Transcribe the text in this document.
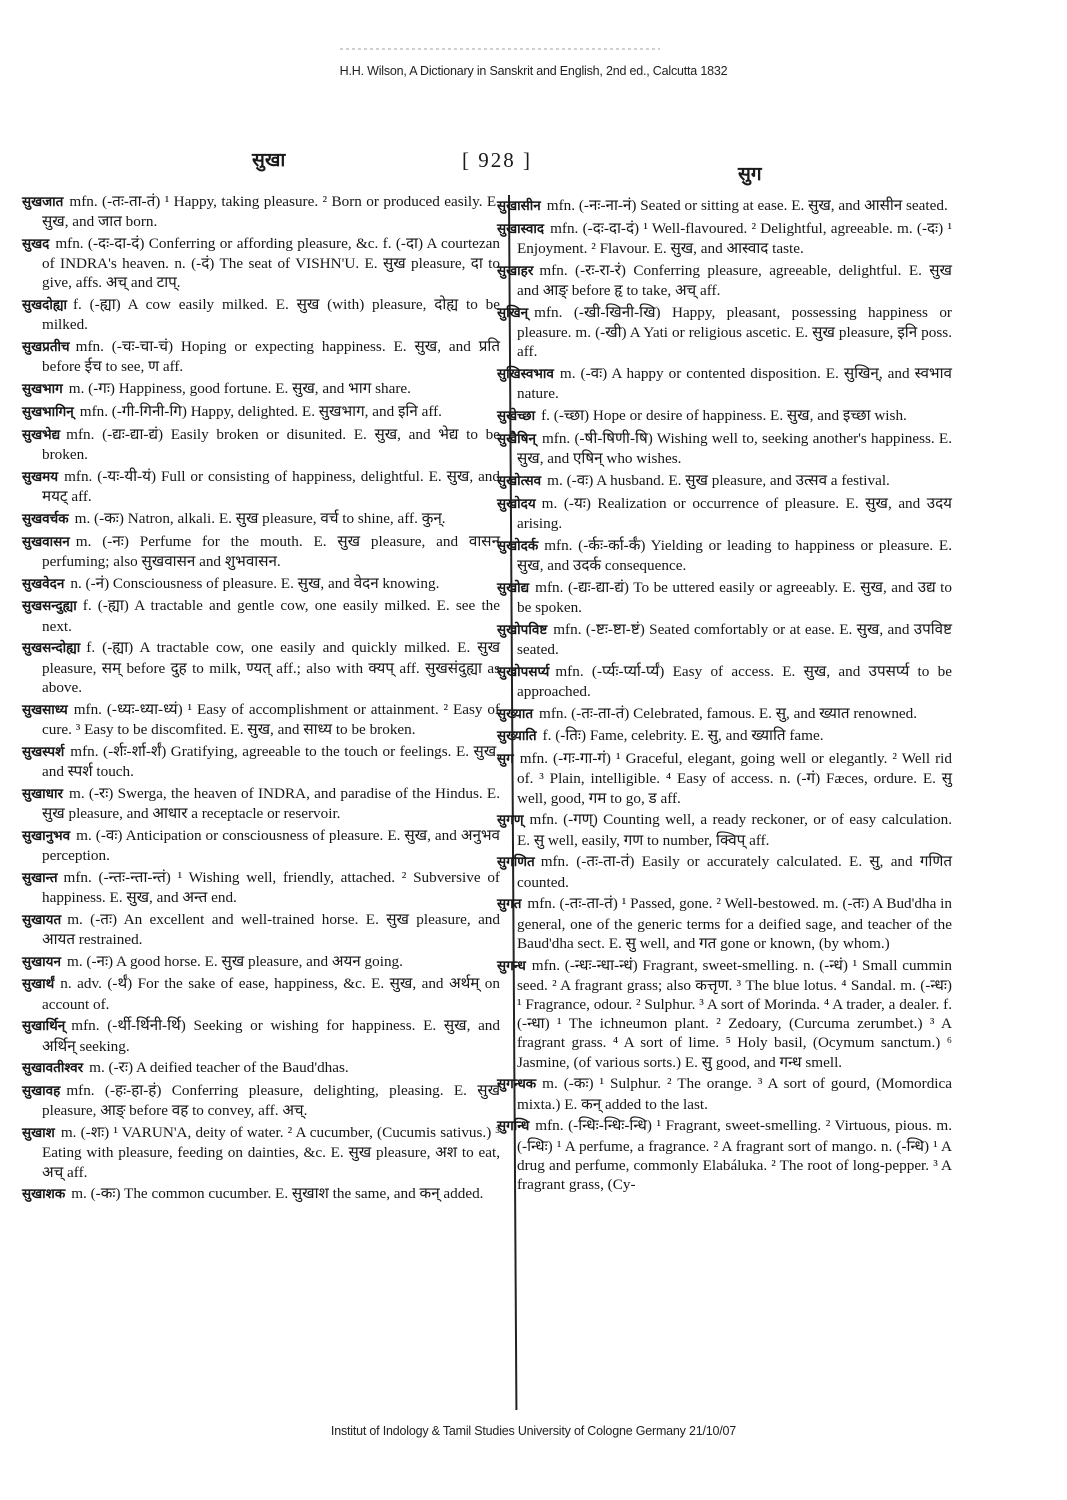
H.H. Wilson, A Dictionary in Sanskrit and English, 2nd ed., Calcutta 1832
सुखा	[ 928 ]
सुग
सुखजात mfn. (-तः-ता-तं) ¹ Happy, taking pleasure. ² Born or produced easily. E. सुख, and जात born.
सुखद mfn. (-दः-दा-दं) Conferring or affording pleasure, &c. f. (-दा) A courtezan of INDRA's heaven. n. (-दं) The seat of VISHN'U. E. सुख pleasure, दा to give, affs. अच् and टाप्.
सुखदोह्या f. (-ह्या) A cow easily milked. E. सुख (with) pleasure, दोह्य to be milked.
सुखप्रतीच mfn. (-चः-चा-चं) Hoping or expecting happiness. E. सुख, and प्रति before ईच to see, ण aff.
सुखभाग m. (-गः) Happiness, good fortune. E. सुख, and भाग share.
सुखभागिन् mfn. (-गी-गिनी-गि) Happy, delighted. E. सुखभाग, and इनि aff.
सुखभेद्य mfn. (-द्यः-द्या-द्यं) Easily broken or disunited. E. सुख, and भेद्य to be broken.
सुखमय mfn. (-यः-यी-यं) Full or consisting of happiness, delightful. E. सुख, and मयट् aff.
सुखवर्चक m. (-कः) Natron, alkali. E. सुख pleasure, वर्च to shine, aff. कुन्.
सुखवासन m. (-नः) Perfume for the mouth. E. सुख pleasure, and वासन perfuming; also सुखवासन and शुभवासन.
सुखवेदन n. (-नं) Consciousness of pleasure. E. सुख, and वेदन knowing.
सुखसन्दुह्या f. (-ह्या) A tractable and gentle cow, one easily milked. E. see the next.
सुखसन्दोह्या f. (-ह्या) A tractable cow, one easily and quickly milked. E. सुख pleasure, सम् before दुह to milk, ण्यत् aff.; also with क्यप् aff. सुखसंदुह्या as above.
सुखसाध्य mfn. (-ध्यः-ध्या-ध्यं) ¹ Easy of accomplishment or attainment. ² Easy of cure. ³ Easy to be discomfited. E. सुख, and साध्य to be broken.
सुखस्पर्श mfn. (-र्शः-र्शा-र्शं) Gratifying, agreeable to the touch or feelings. E. सुख, and स्पर्श touch.
सुखाधार m. (-रः) Swerga, the heaven of INDRA, and paradise of the Hindus. E. सुख pleasure, and आधार a receptacle or reservoir.
सुखानुभव m. (-वः) Anticipation or consciousness of pleasure. E. सुख, and अनुभव perception.
सुखान्त mfn. (-न्तः-न्ता-न्तं) ¹ Wishing well, friendly, attached. ² Subversive of happiness. E. सुख, and अन्त end.
सुखायत m. (-तः) An excellent and well-trained horse. E. सुख pleasure, and आयत restrained.
सुखायन m. (-नः) A good horse. E. सुख pleasure, and अयन going.
सुखार्थं n. adv. (-र्थं) For the sake of ease, happiness, &c. E. सुख, and अर्थम् on account of.
सुखार्थिन् mfn. (-र्थी-र्थिनी-र्थि) Seeking or wishing for happiness. E. सुख, and अर्थिन् seeking.
सुखावतीश्वर m. (-रः) A deified teacher of the Baud'dhas.
सुखावह mfn. (-हः-हा-हं) Conferring pleasure, delighting, pleasing. E. सुख pleasure, आङ् before वह to convey, aff. अच्.
सुखाश m. (-शः) ¹ VARUN'A, deity of water. ² A cucumber, (Cucumis sativus.) ³ Eating with pleasure, feeding on dainties, &c. E. सुख pleasure, अश to eat, अच् aff.
सुखाशक m. (-कः) The common cucumber. E. सुखाश the same, and कन् added.
सुखासीन mfn. (-नः-ना-नं) Seated or sitting at ease. E. सुख, and आसीन seated.
सुखास्वाद mfn. (-दः-दा-दं) ¹ Well-flavoured. ² Delightful, agreeable. m. (-दः) ¹ Enjoyment. ² Flavour. E. सुख, and आस्वाद taste.
सुखाहर mfn. (-रः-रा-रं) Conferring pleasure, agreeable, delightful. E. सुख and आङ् before हृ to take, अच् aff.
सुखिन् mfn. (-खी-खिनी-खि) Happy, pleasant, possessing happiness or pleasure. m. (-खी) A Yati or religious ascetic. E. सुख pleasure, इनि poss. aff.
सुखिस्वभाव m. (-वः) A happy or contented disposition. E. सुखिन्, and स्वभाव nature.
सुखेच्छा f. (-च्छा) Hope or desire of happiness. E. सुख, and इच्छा wish.
सुखैषिन् mfn. (-षी-षिणी-षि) Wishing well to, seeking another's happiness. E. सुख, and एषिन् who wishes.
सुखोत्सव m. (-वः) A husband. E. सुख pleasure, and उत्सव a festival.
सुखोदय m. (-यः) Realization or occurrence of pleasure. E. सुख, and उदय arising.
सुखोदर्क mfn. (-र्कः-र्का-र्कं) Yielding or leading to happiness or pleasure. E. सुख, and उदर्क consequence.
सुखोद्य mfn. (-द्यः-द्या-द्यं) To be uttered easily or agreeably. E. सुख, and उद्य to be spoken.
सुखोपविष्ट mfn. (-ष्टः-ष्टा-ष्टं) Seated comfortably or at ease. E. सुख, and उपविष्ट seated.
सुखोपसर्प्य mfn. (-र्प्यः-र्प्या-र्प्यं) Easy of access. E. सुख, and उपसर्प्य to be approached.
सुख्यात mfn. (-तः-ता-तं) Celebrated, famous. E. सु, and ख्यात renowned.
सुख्याति f. (-तिः) Fame, celebrity. E. सु, and ख्याति fame.
सुग mfn. (-गः-गा-गं) ¹ Graceful, elegant, going well or elegantly. ² Well rid of. ³ Plain, intelligible. ⁴ Easy of access. n. (-गं) Fæces, ordure. E. सु well, good, गम to go, ड aff.
सुगण् mfn. (-गण्) Counting well, a ready reckoner, or of easy calculation. E. सु well, easily, गण to number, क्विप् aff.
सुगणित mfn. (-तः-ता-तं) Easily or accurately calculated. E. सु, and गणित counted.
सुगत mfn. (-तः-ता-तं) ¹ Passed, gone. ² Well-bestowed. m. (-तः) A Bud'dha in general, one of the generic terms for a deified sage, and teacher of the Baud'dha sect. E. सु well, and गत gone or known, (by whom.)
सुगन्ध mfn. (-न्धः-न्धा-न्धं) Fragrant, sweet-smelling. n. (-न्धं) ¹ Small cummin seed. ² A fragrant grass; also कत्तृण. ³ The blue lotus. ⁴ Sandal. m. (-न्धः) ¹ Fragrance, odour. ² Sulphur. ³ A sort of Morinda. ⁴ A trader, a dealer. f. (-न्धा) ¹ The ichneumon plant. ² Zedoary, (Curcuma zerumbet.) ³ A fragrant grass. ⁴ A sort of lime. ⁵ Holy basil, (Ocymum sanctum.) ⁶ Jasmine, (of various sorts.) E. सु good, and गन्ध smell.
सुगन्धक m. (-कः) ¹ Sulphur. ² The orange. ³ A sort of gourd, (Momordica mixta.) E. कन् added to the last.
सुगन्धि mfn. (-न्धिः-न्धिः-न्धि) ¹ Fragrant, sweet-smelling. ² Virtuous, pious. m. (-न्धिः) ¹ A perfume, a fragrance. ² A fragrant sort of mango. n. (-न्धि) ¹ A drug and perfume, commonly Elabáluka. ² The root of long-pepper. ³ A fragrant grass, (Cy-
Institut of Indology & Tamil Studies University of Cologne Germany 21/10/07
